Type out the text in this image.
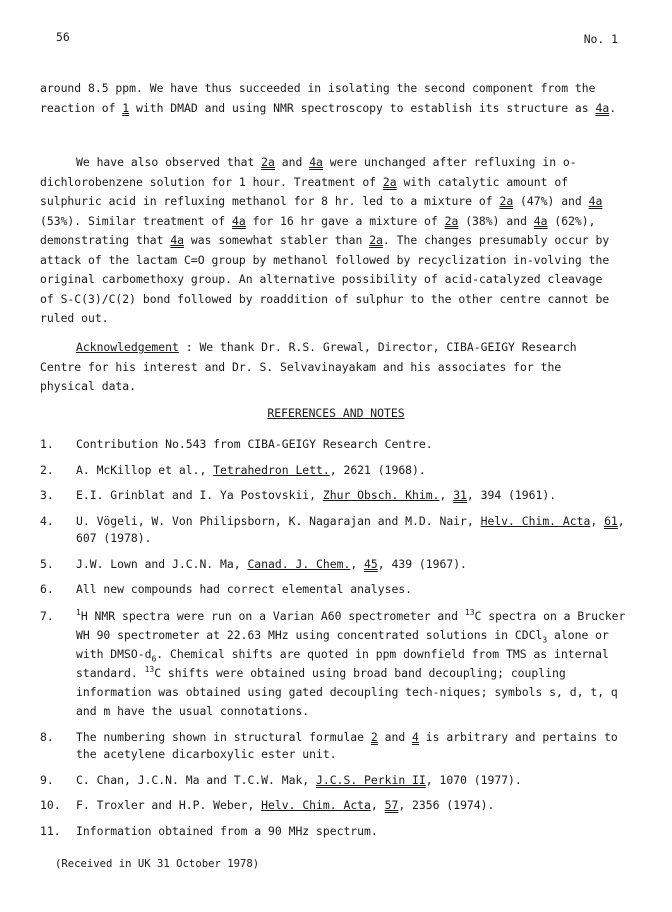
56	No. 1

around 8.5 ppm. We have thus succeeded in isolating the second component from the reaction of 1 with DMAD and using NMR spectroscopy to establish its structure as 4a.

We have also observed that 2a and 4a were unchanged after refluxing in o-dichlorobenzene solution for 1 hour. Treatment of 2a with catalytic amount of sulphuric acid in refluxing methanol for 8 hr. led to a mixture of 2a (47%) and 4a (53%). Similar treatment of 4a for 16 hr gave a mixture of 2a (38%) and 4a (62%), demonstrating that 4a was somewhat stabler than 2a. The changes presumably occur by attack of the lactam C=O group by methanol followed by recyclization in-volving the original carbomethoxy group. An alternative possibility of acid-catalyzed cleavage of S-C(3)/C(2) bond followed by roaddition of sulphur to the other centre cannot be ruled out.

Acknowledgement : We thank Dr. R.S. Grewal, Director, CIBA-GEIGY Research Centre for his interest and Dr. S. Selvavinayakam and his associates for the physical data.

REFERENCES AND NOTES
1.	Contribution No.543 from CIBA-GEIGY Research Centre.
2.	A. McKillop et al., Tetrahedron Lett., 2621 (1968).
3.	E.I. Grinblat and I. Ya Postovskii, Zhur Obsch. Khim., 31, 394 (1961).
4.	U. Vögeli, W. Von Philipsborn, K. Nagarajan and M.D. Nair, Helv. Chim. Acta, 61, 607 (1978).
5.	J.W. Lown and J.C.N. Ma, Canad. J. Chem., 45, 439 (1967).
6.	All new compounds had correct elemental analyses.
7.	$^1$H NMR spectra were run on a Varian A60 spectrometer and $^{13}$C spectra on a Brucker WH 90 spectrometer at 22.63 MHz using concentrated solutions in CDCl$_3$ alone or with DMSO-$d_6$. Chemical shifts are quoted in ppm downfield from TMS as internal standard. $^{13}$C shifts were obtained using broad band decoupling; coupling information was obtained using gated decoupling tech-niques; symbols s, d, t, q and m have the usual connotations.
8.	The numbering shown in structural formulae 2 and 4 is arbitrary and pertains to the acetylene dicarboxylic ester unit.
9.	C. Chan, J.C.N. Ma and T.C.W. Mak, J.C.S. Perkin II, 1070 (1977).
10.	F. Troxler and H.P. Weber, Helv. Chim. Acta, 57, 2356 (1974).
11.	Information obtained from a 90 MHz spectrum.
(Received in UK 31 October 1978)
